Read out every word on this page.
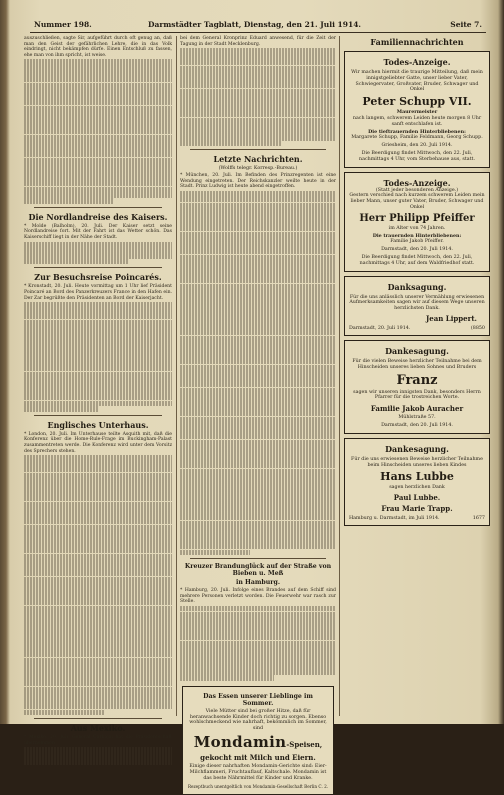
Nummer 198.	Darmstädter Tagblatt, Dienstag, den 21. Juli 1914.	Seite 7.

auszuschließen, sagte Sir, aufgeführt durch oft genug an, daß man den Geist der gefährlichen Lehre, die in das Volk eindringt, nicht bekämpfen dürfe. Einen Entschluß zu fassen, ehe man von ihm spricht, ist weise.

Die Nordlandreise des Kaisers.

* Molde (Balholm), 20. Juli. Der Kaiser setzt seine Nordlandreise fort. Mit der Fahrt ist das Wetter schön. Das Kaiserschiff liegt in der Nähe der Stadt.

Zur Besuchsreise Poincarés.

* Kronstadt, 20. Juli. Heute vormittag um 1 Uhr lief Präsident Poincaré an Bord des Panzerkreuzers France in den Hafen ein. Der Zar begrüßte den Präsidenten an Bord der Kaiserjacht.

Englisches Unterhaus.

* London, 20. Juli. Im Unterhause teilte Asquith mit, daß die Konferenz über die Home-Rule-Frage im Buckingham-Palast zusammentreten werde. Die Konferenz wird unter dem Vorsitz des Sprechers stehen.

Aus Mexiko.

* Mexiko, 20. Juli. General Carbajal hat die Präsidentschaft übernommen.

bei dem General Kronprinz Eduard anwesend, für die Zeit der Tagung in der Stadt Mecklenburg.

Letzte Nachrichten.
(Wolffs telegr. Korresp.-Bureau.)

* München, 20. Juli. Im Befinden des Prinzregenten ist eine Wendung eingetreten. Der Reichskanzler weilte heute in der Stadt. Prinz Ludwig ist heute abend eingetroffen.

Kreuzer Brandunglück auf der Straße von Bieben u. Meß
in Hamburg.

* Hamburg, 20. Juli. Infolge eines Brandes auf dem Schiff sind mehrere Personen verletzt worden. Die Feuerwehr war rasch zur Stelle.

Das Essen unserer Lieblinge im Sommer.
Viele Mütter sind bei großer Hitze, daß für heranwachsende Kinder doch richtig zu sorgen. Ebenso wohlschmeckend wie nahrhaft, bekömmlich im Sommer, sind
Mondamin-Speisen,
gekocht mit Milch und Eiern.
Einige dieser nahrhaften Mondamin-Gerichte sind: Eier-Milchflammeri, Fruchtauflauf, Kaltschale. Mondamin ist das beste Nährmittel für Kinder und Kranke.
Rezeptbuch unentgeltlich von Mondamin-Gesellschaft Berlin C. 2.
Familiennachrichten
Todes-Anzeige.
Wir machen hiermit die traurige Mitteilung, daß mein innigstgeliebter Gatte, unser lieber Vater, Schwiegervater, Großvater, Bruder, Schwager und Onkel
Peter Schupp VII.
Maurermeister
nach langem, schwerem Leiden heute morgen 8 Uhr sanft entschlafen ist.
Die tieftrauernden Hinterbliebenen:
Margarete Schupp, Familie Feldmann, Georg Schupp.
Griesheim, den 20. Juli 1914.
Die Beerdigung findet Mittwoch, den 22. Juli, nachmittags 4 Uhr, vom Sterbehause aus, statt.
Todes-Anzeige.
(Statt jeder besonderen Anzeige.)
Gestern verschied nach kurzem schwerem Leiden mein lieber Mann, unser guter Vater, Bruder, Schwager und Onkel
Herr Philipp Pfeiffer
im Alter von 74 Jahren.
Die trauernden Hinterbliebenen:
Familie Jakob Pfeiffer.
Darmstadt, den 20. Juli 1914.
Die Beerdigung findet Mittwoch, den 22. Juli, nachmittags 4 Uhr, auf dem Waldfriedhof statt.
Danksagung.
Für die uns anlässlich unserer Vermählung erwiesenen Aufmerksamkeiten sagen wir auf diesem Wege unseren herzlichsten Dank.
Jean Lippert.
Darmstadt, 20. Juli 1914.	(8850
Dankesagung.
Für die vielen Beweise herzlicher Teilnahme bei dem Hinscheiden unseres lieben Sohnes und Bruders
Franz
sagen wir unseren innigsten Dank, besonders Herrn Pfarrer für die trostreichen Worte.
Familie Jakob Auracher
Mühlstraße 57.
Darmstadt, den 20. Juli 1914.
Dankesagung.
Für die uns erwiesenen Beweise herzlicher Teilnahme beim Hinscheiden unseres lieben Kindes
Hans Lubbe
sagen herzlichen Dank
Paul Lubbe.
Frau Marie Trapp.
Hamburg u. Darmstadt, im Juli 1914.	1677
